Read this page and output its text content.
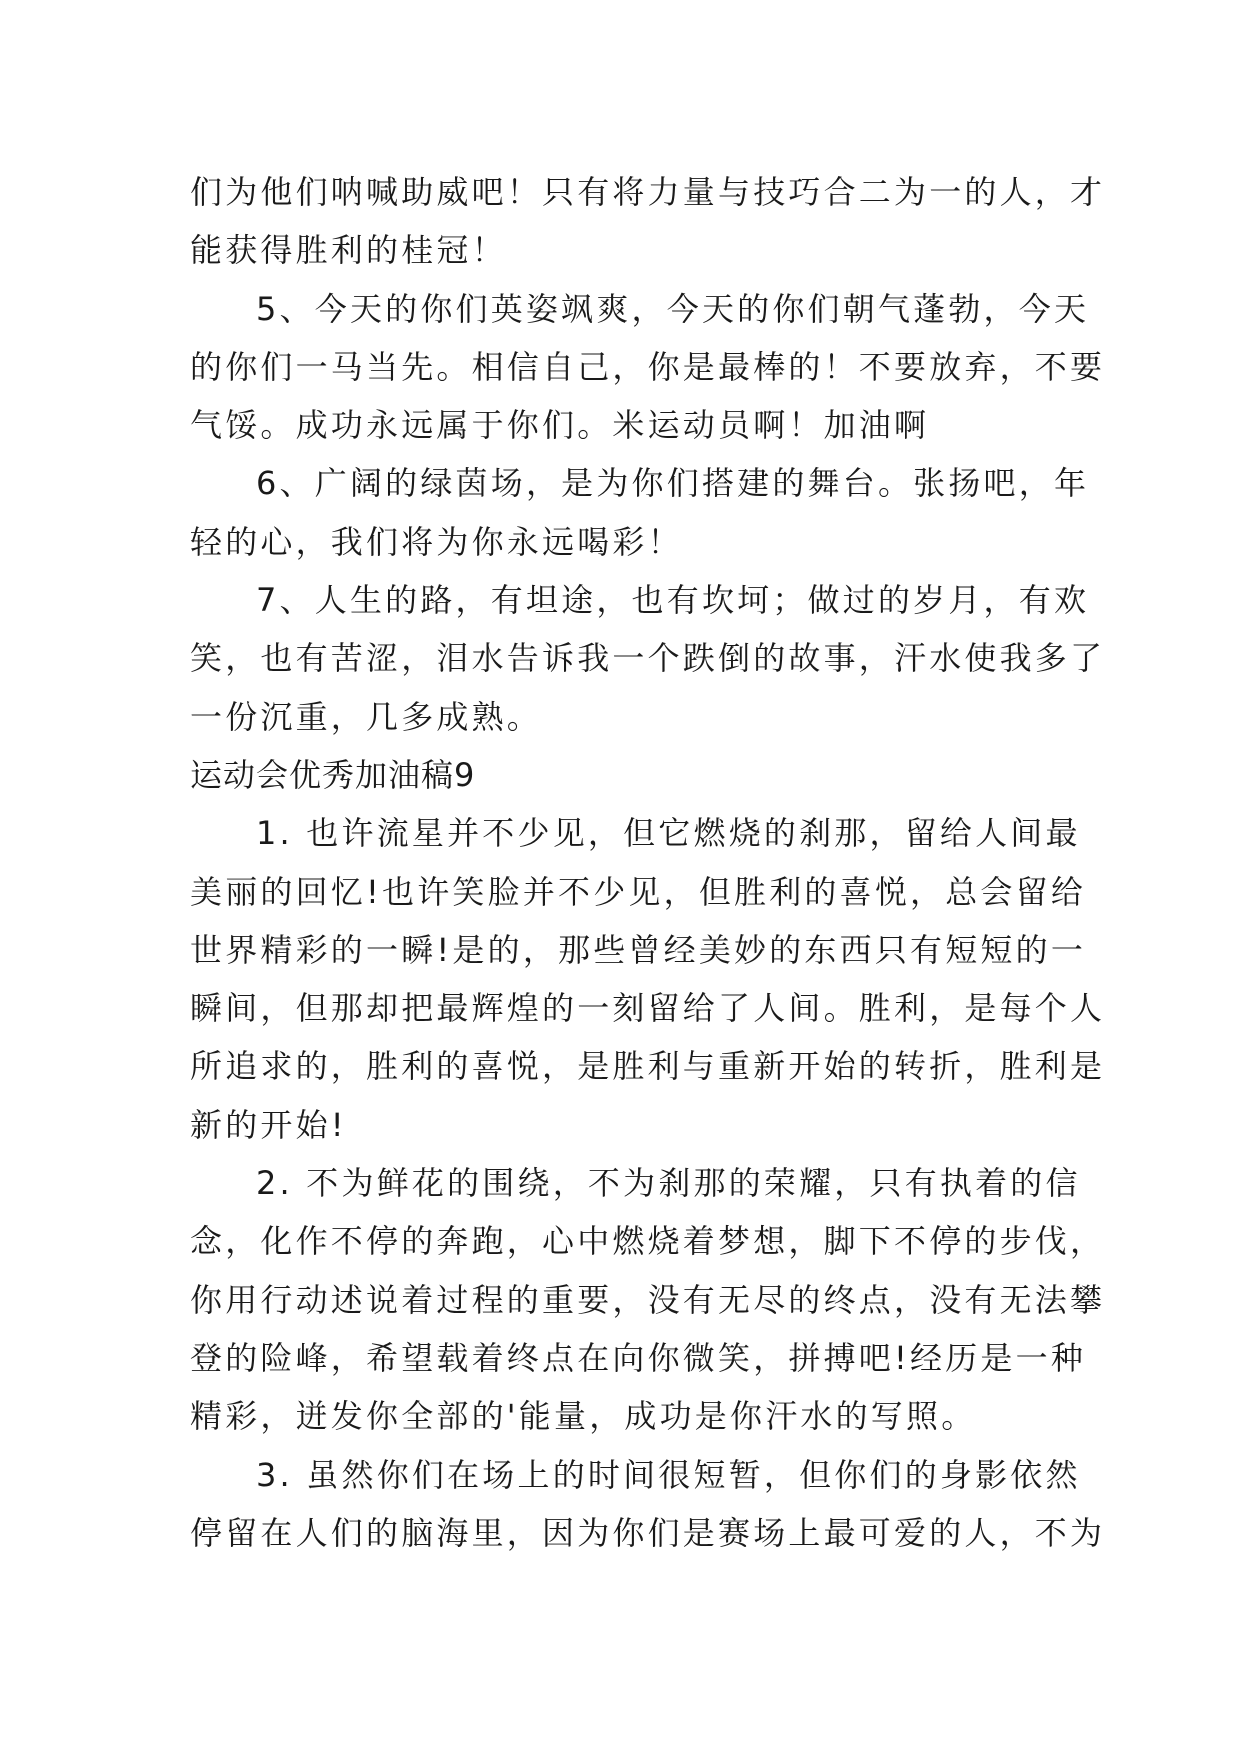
们为他们呐喊助威吧！只有将力量与技巧合二为一的人，才
能获得胜利的桂冠！

5、今天的你们英姿飒爽，今天的你们朝气蓬勃，今天
的你们一马当先。相信自己，你是最棒的！不要放弃，不要
气馁。成功永远属于你们。米运动员啊！加油啊

6、广阔的绿茵场，是为你们搭建的舞台。张扬吧，年
轻的心，我们将为你永远喝彩！

7、人生的路，有坦途，也有坎坷；做过的岁月，有欢
笑，也有苦涩，泪水告诉我一个跌倒的故事，汗水使我多了
一份沉重，几多成熟。

运动会优秀加油稿9

1. 也许流星并不少见，但它燃烧的刹那，留给人间最
美丽的回忆!也许笑脸并不少见，但胜利的喜悦，总会留给
世界精彩的一瞬!是的，那些曾经美妙的东西只有短短的一
瞬间，但那却把最辉煌的一刻留给了人间。胜利，是每个人
所追求的，胜利的喜悦，是胜利与重新开始的转折，胜利是
新的开始!

2. 不为鲜花的围绕，不为刹那的荣耀，只有执着的信
念，化作不停的奔跑，心中燃烧着梦想，脚下不停的步伐，
你用行动述说着过程的重要，没有无尽的终点，没有无法攀
登的险峰，希望载着终点在向你微笑，拼搏吧!经历是一种
精彩，迸发你全部的'能量，成功是你汗水的写照。

3. 虽然你们在场上的时间很短暂，但你们的身影依然
停留在人们的脑海里，因为你们是赛场上最可爱的人，不为
